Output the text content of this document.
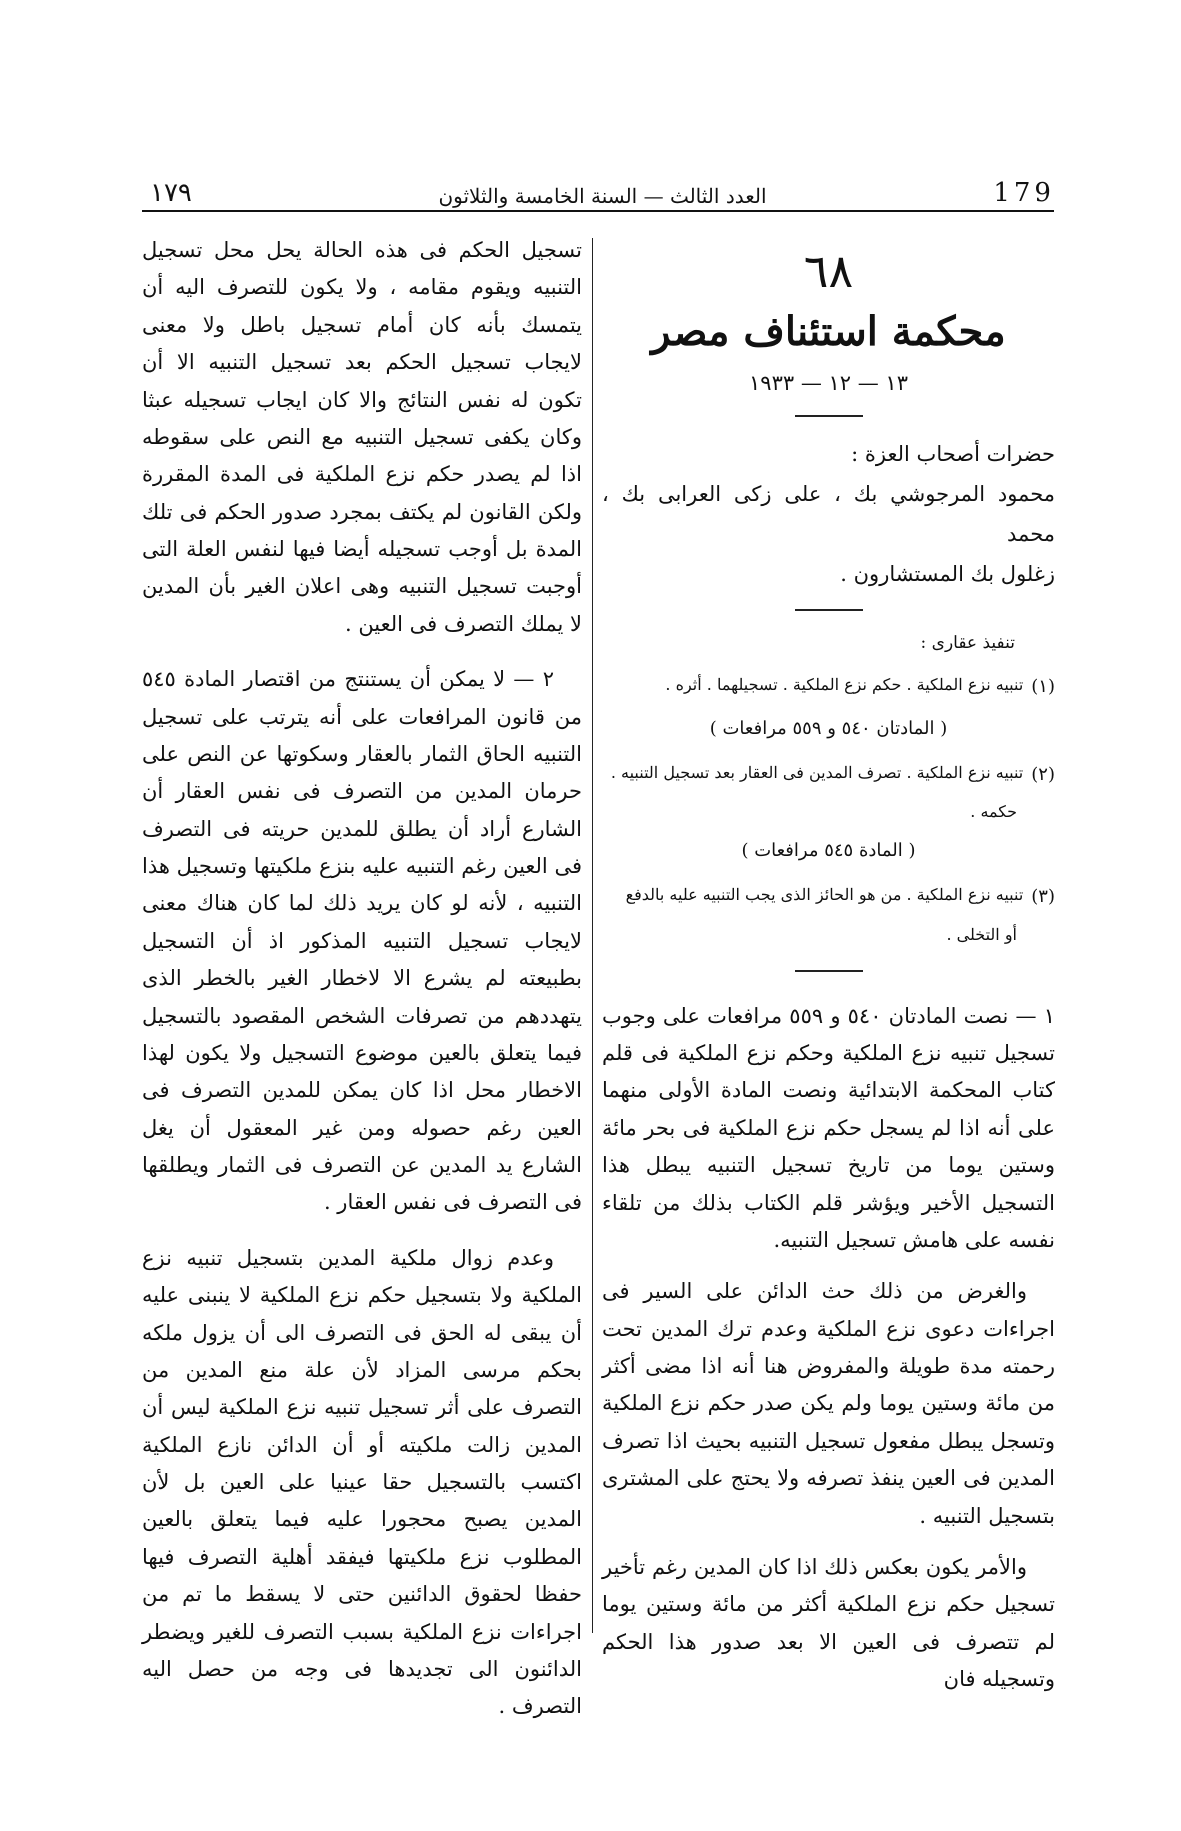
١٧٩	العدد الثالث — السنة الخامسة والثلاثون	179
٦٨
محكمة استئناف مصر
١٣ — ١٢ — ١٩٣٣
حضرات أصحاب العزة :
محمود المرجوشي بك ، على زكى العرابى بك ، محمد
زغلول بك المستشارون .
تنفيذ عقارى :
(١)
تنبيه نزع الملكية . حكم نزع الملكية . تسجيلهما . أثره .
( المادتان ٥٤٠ و ٥٥٩ مرافعات )
(٢)
تنبيه نزع الملكية . تصرف المدين فى العقار بعد تسجيل التنبيه .
حكمه .
( المادة ٥٤٥ مرافعات )
(٣)
تنبيه نزع الملكية . من هو الحائز الذى يجب التنبيه عليه بالدفع
أو التخلى .

١ — نصت المادتان ٥٤٠ و ٥٥٩ مرافعات على وجوب تسجيل تنبيه نزع الملكية وحكم نزع الملكية فى قلم كتاب المحكمة الابتدائية ونصت المادة الأولى منهما على أنه اذا لم يسجل حكم نزع الملكية فى بحر مائة وستين يوما من تاريخ تسجيل التنبيه يبطل هذا التسجيل الأخير ويؤشر قلم الكتاب بذلك من تلقاء نفسه على هامش تسجيل التنبيه.

والغرض من ذلك حث الدائن على السير فى اجراءات دعوى نزع الملكية وعدم ترك المدين تحت رحمته مدة طويلة والمفروض هنا أنه اذا مضى أكثر من مائة وستين يوما ولم يكن صدر حكم نزع الملكية وتسجل يبطل مفعول تسجيل التنبيه بحيث اذا تصرف المدين فى العين ينفذ تصرفه ولا يحتج على المشترى بتسجيل التنبيه .

والأمر يكون بعكس ذلك اذا كان المدين رغم تأخير تسجيل حكم نزع الملكية أكثر من مائة وستين يوما لم تتصرف فى العين الا بعد صدور هذا الحكم وتسجيله فان

تسجيل الحكم فى هذه الحالة يحل محل تسجيل التنبيه ويقوم مقامه ، ولا يكون للتصرف اليه أن يتمسك بأنه كان أمام تسجيل باطل ولا معنى لايجاب تسجيل الحكم بعد تسجيل التنبيه الا أن تكون له نفس النتائج والا كان ايجاب تسجيله عبثا وكان يكفى تسجيل التنبيه مع النص على سقوطه اذا لم يصدر حكم نزع الملكية فى المدة المقررة ولكن القانون لم يكتف بمجرد صدور الحكم فى تلك المدة بل أوجب تسجيله أيضا فيها لنفس العلة التى أوجبت تسجيل التنبيه وهى اعلان الغير بأن المدين لا يملك التصرف فى العين .

٢ — لا يمكن أن يستنتج من اقتصار المادة ٥٤٥ من قانون المرافعات على أنه يترتب على تسجيل التنبيه الحاق الثمار بالعقار وسكوتها عن النص على حرمان المدين من التصرف فى نفس العقار أن الشارع أراد أن يطلق للمدين حريته فى التصرف فى العين رغم التنبيه عليه بنزع ملكيتها وتسجيل هذا التنبيه ، لأنه لو كان يريد ذلك لما كان هناك معنى لايجاب تسجيل التنبيه المذكور اذ أن التسجيل بطبيعته لم يشرع الا لاخطار الغير بالخطر الذى يتهددهم من تصرفات الشخص المقصود بالتسجيل فيما يتعلق بالعين موضوع التسجيل ولا يكون لهذا الاخطار محل اذا كان يمكن للمدين التصرف فى العين رغم حصوله ومن غير المعقول أن يغل الشارع يد المدين عن التصرف فى الثمار ويطلقها فى التصرف فى نفس العقار .

وعدم زوال ملكية المدين بتسجيل تنبيه نزع الملكية ولا بتسجيل حكم نزع الملكية لا ينبنى عليه أن يبقى له الحق فى التصرف الى أن يزول ملكه بحكم مرسى المزاد لأن علة منع المدين من التصرف على أثر تسجيل تنبيه نزع الملكية ليس أن المدين زالت ملكيته أو أن الدائن نازع الملكية اكتسب بالتسجيل حقا عينيا على العين بل لأن المدين يصبح محجورا عليه فيما يتعلق بالعين المطلوب نزع ملكيتها فيفقد أهلية التصرف فيها حفظا لحقوق الدائنين حتى لا يسقط ما تم من اجراءات نزع الملكية بسبب التصرف للغير ويضطر الدائنون الى تجديدها فى وجه من حصل اليه التصرف .
